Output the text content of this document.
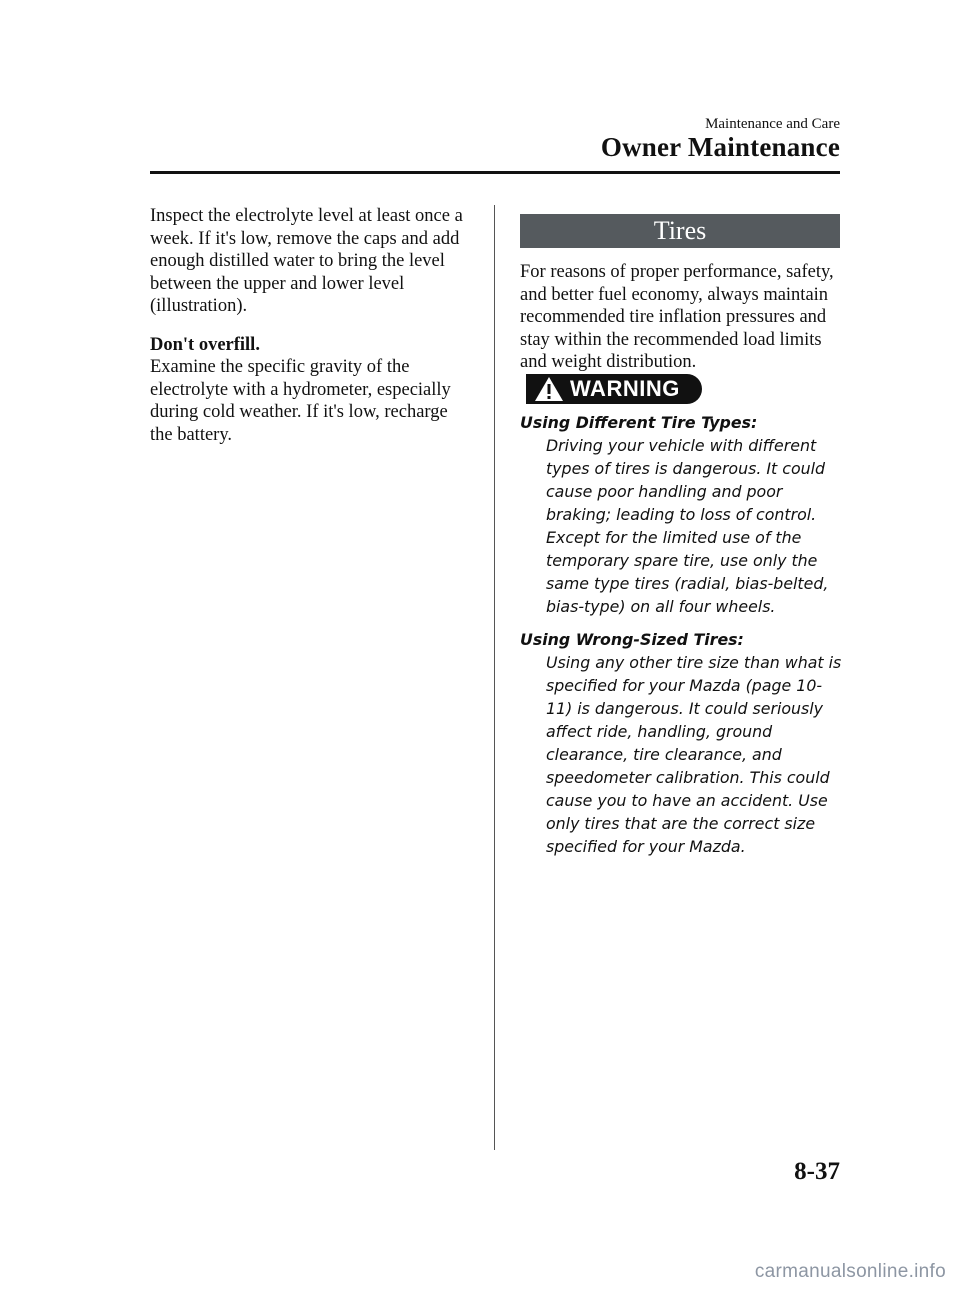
Maintenance and Care
Owner Maintenance

Inspect the electrolyte level at least once a week. If it's low, remove the caps and add enough distilled water to bring the level between the upper and lower level (illustration).

Don't overfill.

Examine the specific gravity of the electrolyte with a hydrometer, especially during cold weather. If it's low, recharge the battery.

Tires

For reasons of proper performance, safety, and better fuel economy, always maintain recommended tire inflation pressures and stay within the recommended load limits and weight distribution.

WARNING
Using Different Tire Types:
Driving your vehicle with different types of tires is dangerous. It could cause poor handling and poor braking; leading to loss of control. Except for the limited use of the temporary spare tire, use only the same type tires (radial, bias-belted, bias-type) on all four wheels.
Using Wrong-Sized Tires:
Using any other tire size than what is specified for your Mazda (page 10-11) is dangerous. It could seriously affect ride, handling, ground clearance, tire clearance, and speedometer calibration. This could cause you to have an accident. Use only tires that are the correct size specified for your Mazda.
8-37
carmanualsonline.info
